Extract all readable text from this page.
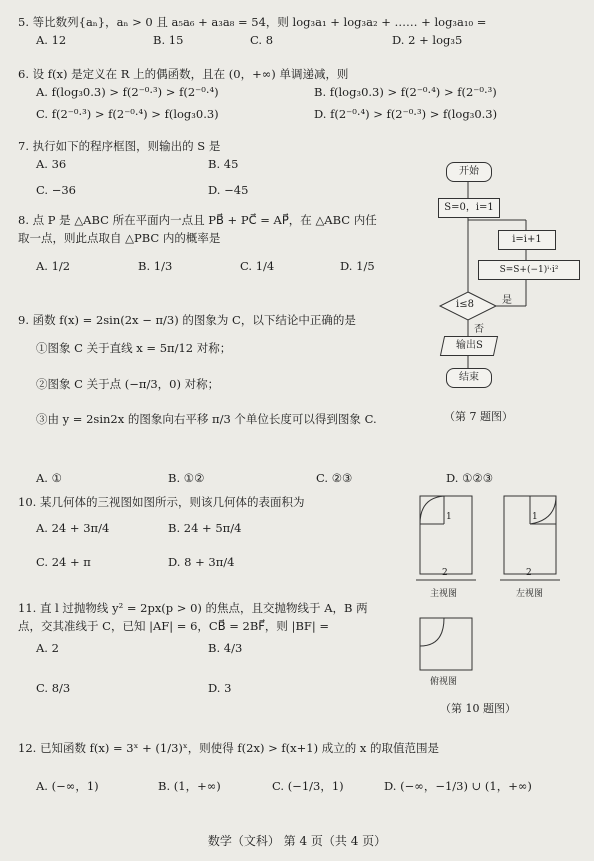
5. 等比数列{aₙ}，aₙ > 0 且 a₅a₆ + a₃a₈ = 54，则 log₃a₁ + log₃a₂ + …… + log₃a₁₀ =
A. 12	B. 15	C. 8	D. 2 + log₃5
6. 设 f(x) 是定义在 R 上的偶函数，且在 (0，+∞) 单调递减，则
A. f(log₃0.3) > f(2⁻⁰·³) > f(2⁻⁰·⁴)	B. f(log₃0.3) > f(2⁻⁰·⁴) > f(2⁻⁰·³)
C. f(2⁻⁰·³) > f(2⁻⁰·⁴) > f(log₃0.3)	D. f(2⁻⁰·⁴) > f(2⁻⁰·³) > f(log₃0.3)
7. 执行如下的程序框图，则输出的 S 是
A. 36	B. 45
C. −36	D. −45
8. 点 P 是 △ABC 所在平面内一点且 PB⃗ + PC⃗ = AP⃗，在 △ABC 内任
取一点，则此点取自 △PBC 内的概率是
A. 1/2	B. 1/3	C. 1/4	D. 1/5
9. 函数 f(x) = 2sin(2x − π/3) 的图象为 C，以下结论中正确的是
①图象 C 关于直线 x = 5π/12 对称；
②图象 C 关于点 (−π/3，0) 对称；
③由 y = 2sin2x 的图象向右平移 π/3 个单位长度可以得到图象 C.
A. ①	B. ①②	C. ②③	D. ①②③
10. 某几何体的三视图如图所示，则该几何体的表面积为
A. 24 + 3π/4	B. 24 + 5π/4
C. 24 + π	D. 8 + 3π/4
11. 直 l 过抛物线 y² = 2px(p > 0) 的焦点，且交抛物线于 A，B 两
点，交其准线于 C，已知 |AF| = 6，CB⃗ = 2BF⃗，则 |BF| =
A. 2	B. 4/3
C. 8/3	D. 3
12. 已知函数 f(x) = 3ˣ + (1/3)ˣ，则使得 f(2x) > f(x+1) 成立的 x 的取值范围是
A. (−∞，1)	B. (1，+∞)	C. (−1/3，1)	D. (−∞，−1/3) ∪ (1，+∞)
开始
S=0，i=1
i=i+1
S=S+(−1)ⁱ·i²
i≤8	是
否
输出S
结束
（第 7 题图）
1	1
2	2
主视图	左视图
俯视图
（第 10 题图）
数学（文科） 第 4 页（共 4 页）
